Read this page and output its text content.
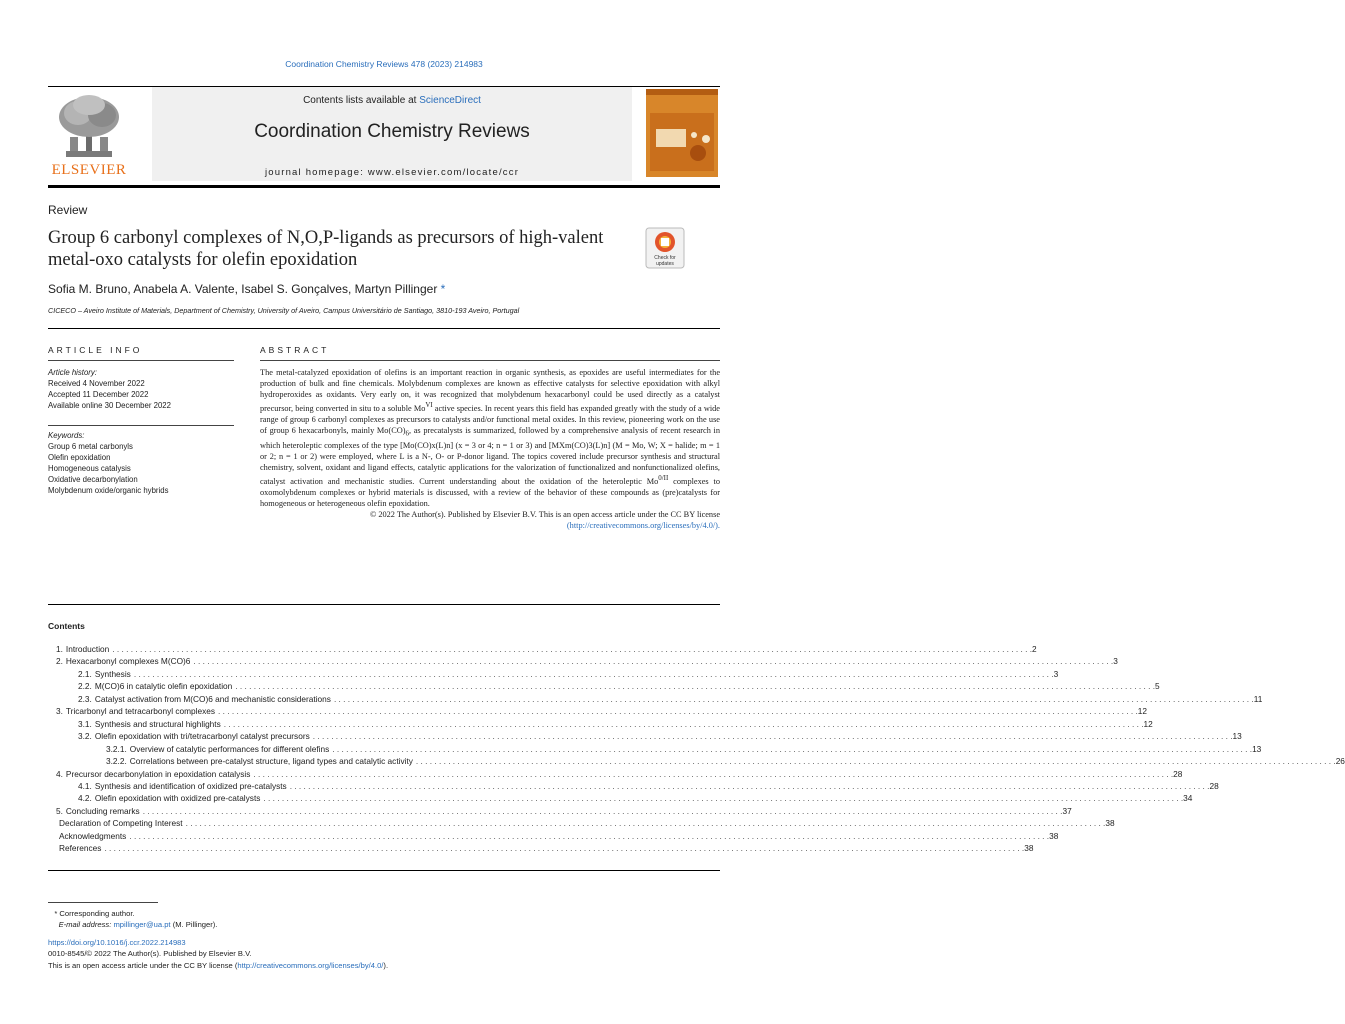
Coordination Chemistry Reviews 478 (2023) 214983
ELSEVIER
Contents lists available at ScienceDirect
Coordination Chemistry Reviews
journal homepage: www.elsevier.com/locate/ccr
Review
Group 6 carbonyl complexes of N,O,P-ligands as precursors of high-valent metal-oxo catalysts for olefin epoxidation	Check for
updates
Sofia M. Bruno, Anabela A. Valente, Isabel S. Gonçalves, Martyn Pillinger *
CICECO – Aveiro Institute of Materials, Department of Chemistry, University of Aveiro, Campus Universitário de Santiago, 3810-193 Aveiro, Portugal
ARTICLE INFO	ABSTRACT
Article history:
Received 4 November 2022
Accepted 11 December 2022
Available online 30 December 2022
Keywords:
Group 6 metal carbonyls
Olefin epoxidation
Homogeneous catalysis
Oxidative decarbonylation
Molybdenum oxide/organic hybrids

The metal-catalyzed epoxidation of olefins is an important reaction in organic synthesis, as epoxides are useful intermediates for the production of bulk and fine chemicals. Molybdenum complexes are known as effective catalysts for selective epoxidation with alkyl hydroperoxides as oxidants. Very early on, it was recognized that molybdenum hexacarbonyl could be used directly as a catalyst precursor, being converted in situ to a soluble $Mo^{VI}$ active species. In recent years this field has expanded greatly with the study of a wide range of group 6 carbonyl complexes as precursors to catalysts and/or functional metal oxides. In this review, pioneering work on the use of group 6 hexacarbonyls, mainly $Mo(CO)_6$, as precatalysts is summarized, followed by a comprehensive analysis of recent research in which heteroleptic complexes of the type [Mo(CO)x(L)n] (x = 3 or 4; n = 1 or 3) and [MXm(CO)3(L)n] (M = Mo, W; X = halide; m = 1 or 2; n = 1 or 2) were employed, where L is a N-, O- or P-donor ligand. The topics covered include precursor synthesis and structural chemistry, solvent, oxidant and ligand effects, catalytic applications for the valorization of functionalized and nonfunctionalized olefins, catalyst activation and mechanistic studies. Current understanding about the oxidation of the heteroleptic $Mo^{0/II}$ complexes to oxomolybdenum complexes or hybrid materials is discussed, with a review of the behavior of these compounds as (pre)catalysts for homogeneous or heterogeneous olefin epoxidation.

© 2022 The Author(s). Published by Elsevier B.V. This is an open access article under the CC BY license
(http://creativecommons.org/licenses/by/4.0/).

Contents
1. Introduction . . . . . . . . . . . . . . . . . . . . . . . . . . . . . . . . . . . . . . . . . . . . . . . . . . . . . . . . . . . . . . . . . . . . . . . . . . . . . . . . . . . . . . . . . . . . . . . . . . . . . . . . . . . . . . . . . . . . . . . . . . . . . . . . . . . . . . . . . . . . . . . . . . . . . . . . . . . . . . . . . . . . . . . . . . . . . . . . . . . . . . . . . . . . . . . . . . . . . . . . 2
2. Hexacarbonyl complexes M(CO)6 . . . . . . . . . . . . . . . . . . . . . . . . . . . . . . . . . . . . . . . . . . . . . . . . . . . . . . . . . . . . . . . . . . . . . . . . . . . . . . . . . . . . . . . . . . . . . . . . . . . . . . . . . . . . . . . . . . . . . . . . . . . . . . . . . . . . . . . . . . . . . . . . . . . . . . . . . . . . . . . . . . . . . . . . . . . . . . . . . . . . . . . . . . . . . . . . . . . . . . . . 3
2.1. Synthesis . . . . . . . . . . . . . . . . . . . . . . . . . . . . . . . . . . . . . . . . . . . . . . . . . . . . . . . . . . . . . . . . . . . . . . . . . . . . . . . . . . . . . . . . . . . . . . . . . . . . . . . . . . . . . . . . . . . . . . . . . . . . . . . . . . . . . . . . . . . . . . . . . . . . . . . . . . . . . . . . . . . . . . . . . . . . . . . . . . . . . . . . . . . . . . . . . . . . . . . . 3
2.2. M(CO)6 in catalytic olefin epoxidation . . . . . . . . . . . . . . . . . . . . . . . . . . . . . . . . . . . . . . . . . . . . . . . . . . . . . . . . . . . . . . . . . . . . . . . . . . . . . . . . . . . . . . . . . . . . . . . . . . . . . . . . . . . . . . . . . . . . . . . . . . . . . . . . . . . . . . . . . . . . . . . . . . . . . . . . . . . . . . . . . . . . . . . . . . . . . . . . . . . . . . . . . . . . . . . . . . . . . . . . 5
2.3. Catalyst activation from M(CO)6 and mechanistic considerations . . . . . . . . . . . . . . . . . . . . . . . . . . . . . . . . . . . . . . . . . . . . . . . . . . . . . . . . . . . . . . . . . . . . . . . . . . . . . . . . . . . . . . . . . . . . . . . . . . . . . . . . . . . . . . . . . . . . . . . . . . . . . . . . . . . . . . . . . . . . . . . . . . . . . . . . . . . . . . . . . . . . . . . . . . . . . . . . . . . . . . . . . . . . . . . . . . . . . . . . 11
3. Tricarbonyl and tetracarbonyl complexes . . . . . . . . . . . . . . . . . . . . . . . . . . . . . . . . . . . . . . . . . . . . . . . . . . . . . . . . . . . . . . . . . . . . . . . . . . . . . . . . . . . . . . . . . . . . . . . . . . . . . . . . . . . . . . . . . . . . . . . . . . . . . . . . . . . . . . . . . . . . . . . . . . . . . . . . . . . . . . . . . . . . . . . . . . . . . . . . . . . . . . . . . . . . . . . . . . . . . . . . 12
3.1. Synthesis and structural highlights . . . . . . . . . . . . . . . . . . . . . . . . . . . . . . . . . . . . . . . . . . . . . . . . . . . . . . . . . . . . . . . . . . . . . . . . . . . . . . . . . . . . . . . . . . . . . . . . . . . . . . . . . . . . . . . . . . . . . . . . . . . . . . . . . . . . . . . . . . . . . . . . . . . . . . . . . . . . . . . . . . . . . . . . . . . . . . . . . . . . . . . . . . . . . . . . . . . . . . . . 12
3.2. Olefin epoxidation with tri/tetracarbonyl catalyst precursors . . . . . . . . . . . . . . . . . . . . . . . . . . . . . . . . . . . . . . . . . . . . . . . . . . . . . . . . . . . . . . . . . . . . . . . . . . . . . . . . . . . . . . . . . . . . . . . . . . . . . . . . . . . . . . . . . . . . . . . . . . . . . . . . . . . . . . . . . . . . . . . . . . . . . . . . . . . . . . . . . . . . . . . . . . . . . . . . . . . . . . . . . . . . . . . . . . . . . . . . 13
3.2.1. Overview of catalytic performances for different olefins . . . . . . . . . . . . . . . . . . . . . . . . . . . . . . . . . . . . . . . . . . . . . . . . . . . . . . . . . . . . . . . . . . . . . . . . . . . . . . . . . . . . . . . . . . . . . . . . . . . . . . . . . . . . . . . . . . . . . . . . . . . . . . . . . . . . . . . . . . . . . . . . . . . . . . . . . . . . . . . . . . . . . . . . . . . . . . . . . . . . . . . . . . . . . . . . . . . . . . . . 13
3.2.2. Correlations between pre-catalyst structure, ligand types and catalytic activity . . . . . . . . . . . . . . . . . . . . . . . . . . . . . . . . . . . . . . . . . . . . . . . . . . . . . . . . . . . . . . . . . . . . . . . . . . . . . . . . . . . . . . . . . . . . . . . . . . . . . . . . . . . . . . . . . . . . . . . . . . . . . . . . . . . . . . . . . . . . . . . . . . . . . . . . . . . . . . . . . . . . . . . . . . . . . . . . . . . . . . . . . . . . . . . . . . . . . . . . 26
4. Precursor decarbonylation in epoxidation catalysis . . . . . . . . . . . . . . . . . . . . . . . . . . . . . . . . . . . . . . . . . . . . . . . . . . . . . . . . . . . . . . . . . . . . . . . . . . . . . . . . . . . . . . . . . . . . . . . . . . . . . . . . . . . . . . . . . . . . . . . . . . . . . . . . . . . . . . . . . . . . . . . . . . . . . . . . . . . . . . . . . . . . . . . . . . . . . . . . . . . . . . . . . . . . . . . . . . . . . . . . 28
4.1. Synthesis and identification of oxidized pre-catalysts . . . . . . . . . . . . . . . . . . . . . . . . . . . . . . . . . . . . . . . . . . . . . . . . . . . . . . . . . . . . . . . . . . . . . . . . . . . . . . . . . . . . . . . . . . . . . . . . . . . . . . . . . . . . . . . . . . . . . . . . . . . . . . . . . . . . . . . . . . . . . . . . . . . . . . . . . . . . . . . . . . . . . . . . . . . . . . . . . . . . . . . . . . . . . . . . . . . . . . . . 28
4.2. Olefin epoxidation with oxidized pre-catalysts . . . . . . . . . . . . . . . . . . . . . . . . . . . . . . . . . . . . . . . . . . . . . . . . . . . . . . . . . . . . . . . . . . . . . . . . . . . . . . . . . . . . . . . . . . . . . . . . . . . . . . . . . . . . . . . . . . . . . . . . . . . . . . . . . . . . . . . . . . . . . . . . . . . . . . . . . . . . . . . . . . . . . . . . . . . . . . . . . . . . . . . . . . . . . . . . . . . . . . . . 34
5. Concluding remarks . . . . . . . . . . . . . . . . . . . . . . . . . . . . . . . . . . . . . . . . . . . . . . . . . . . . . . . . . . . . . . . . . . . . . . . . . . . . . . . . . . . . . . . . . . . . . . . . . . . . . . . . . . . . . . . . . . . . . . . . . . . . . . . . . . . . . . . . . . . . . . . . . . . . . . . . . . . . . . . . . . . . . . . . . . . . . . . . . . . . . . . . . . . . . . . . . . . . . . . . 37
Declaration of Competing Interest . . . . . . . . . . . . . . . . . . . . . . . . . . . . . . . . . . . . . . . . . . . . . . . . . . . . . . . . . . . . . . . . . . . . . . . . . . . . . . . . . . . . . . . . . . . . . . . . . . . . . . . . . . . . . . . . . . . . . . . . . . . . . . . . . . . . . . . . . . . . . . . . . . . . . . . . . . . . . . . . . . . . . . . . . . . . . . . . . . . . . . . . . . . . . . . . . . . . . . . . 38
Acknowledgments . . . . . . . . . . . . . . . . . . . . . . . . . . . . . . . . . . . . . . . . . . . . . . . . . . . . . . . . . . . . . . . . . . . . . . . . . . . . . . . . . . . . . . . . . . . . . . . . . . . . . . . . . . . . . . . . . . . . . . . . . . . . . . . . . . . . . . . . . . . . . . . . . . . . . . . . . . . . . . . . . . . . . . . . . . . . . . . . . . . . . . . . . . . . . . . . . . . . . . . . 38
References . . . . . . . . . . . . . . . . . . . . . . . . . . . . . . . . . . . . . . . . . . . . . . . . . . . . . . . . . . . . . . . . . . . . . . . . . . . . . . . . . . . . . . . . . . . . . . . . . . . . . . . . . . . . . . . . . . . . . . . . . . . . . . . . . . . . . . . . . . . . . . . . . . . . . . . . . . . . . . . . . . . . . . . . . . . . . . . . . . . . . . . . . . . . . . . . . . . . . . . . 38
* Corresponding author.
E-mail address: mpillinger@ua.pt (M. Pillinger).
https://doi.org/10.1016/j.ccr.2022.214983
0010-8545/© 2022 The Author(s). Published by Elsevier B.V.
This is an open access article under the CC BY license (http://creativecommons.org/licenses/by/4.0/).
